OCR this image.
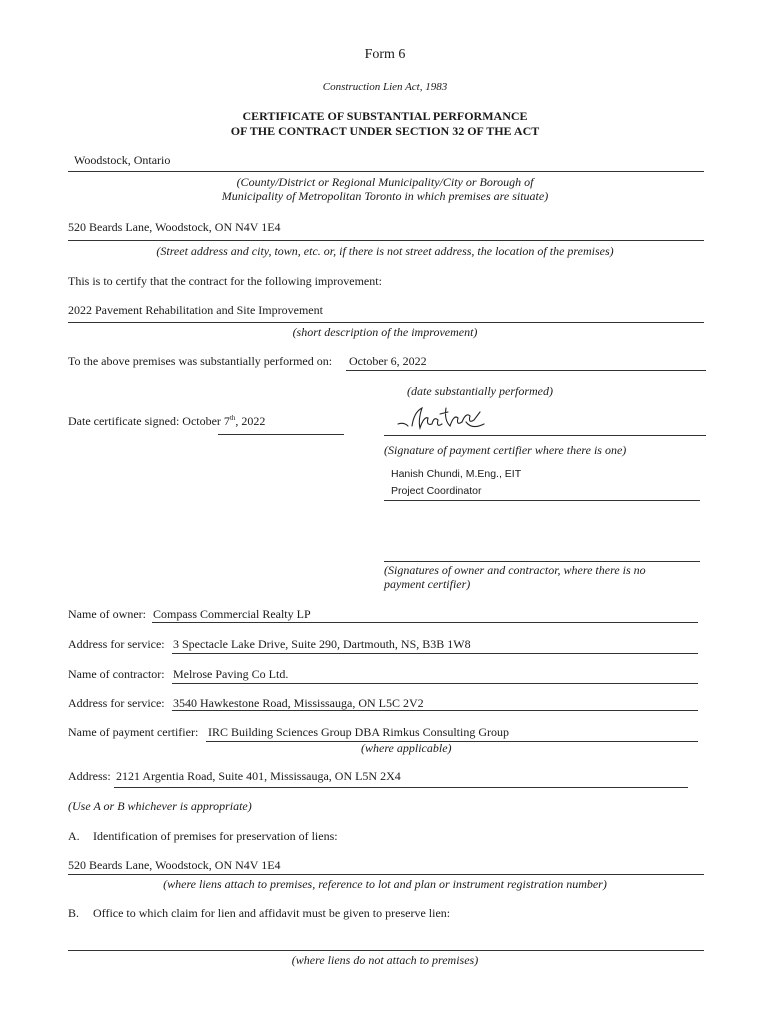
Form 6
Construction Lien Act, 1983
CERTIFICATE OF SUBSTANTIAL PERFORMANCE
OF THE CONTRACT UNDER SECTION 32 OF THE ACT
Woodstock, Ontario
(County/District or Regional Municipality/City or Borough of
Municipality of Metropolitan Toronto in which premises are situate)
520 Beards Lane, Woodstock, ON N4V 1E4
(Street address and city, town, etc. or, if there is not street address, the location of the premises)
This is to certify that the contract for the following improvement:
2022 Pavement Rehabilitation and Site Improvement
(short description of the improvement)
To the above premises was substantially performed on: October 6, 2022
(date substantially performed)
Date certificate signed: October 7th, 2022
(Signature of payment certifier where there is one)
Hanish Chundi, M.Eng., EIT
Project Coordinator
(Signatures of owner and contractor, where there is no
payment certifier)
Name of owner: Compass Commercial Realty LP
Address for service: 3 Spectacle Lake Drive, Suite 290, Dartmouth, NS, B3B 1W8
Name of contractor: Melrose Paving Co Ltd.
Address for service: 3540 Hawkestone Road, Mississauga, ON L5C 2V2
Name of payment certifier: IRC Building Sciences Group DBA Rimkus Consulting Group
(where applicable)
Address: 2121 Argentia Road, Suite 401, Mississauga, ON L5N 2X4
(Use A or B whichever is appropriate)
A. Identification of premises for preservation of liens:
520 Beards Lane, Woodstock, ON N4V 1E4
(where liens attach to premises, reference to lot and plan or instrument registration number)
B. Office to which claim for lien and affidavit must be given to preserve lien:
(where liens do not attach to premises)
